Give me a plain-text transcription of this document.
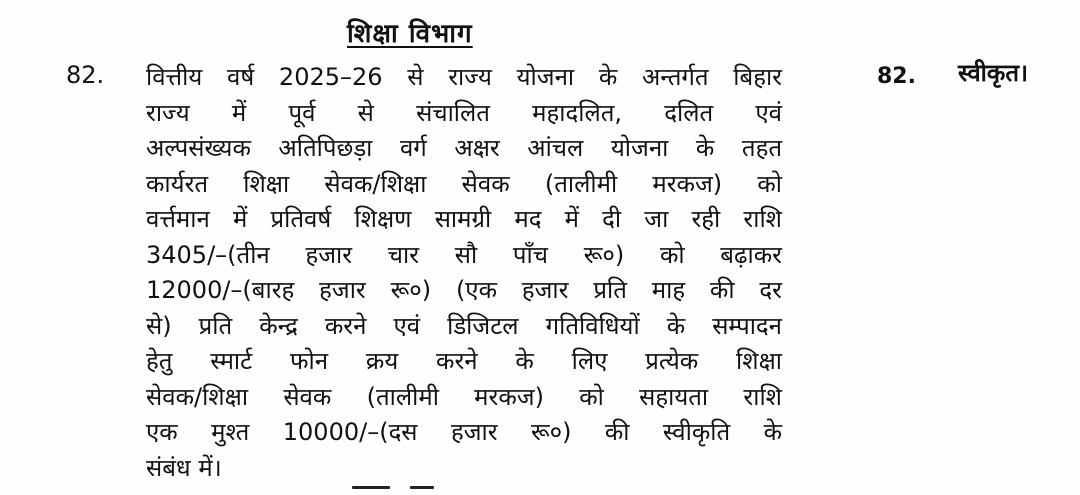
शिक्षा विभाग
82. वित्तीय वर्ष 2025–26 से राज्य योजना के अन्तर्गत बिहार
राज्य में पूर्व से संचालित महादलित, दलित एवं
अल्पसंख्यक अतिपिछड़ा वर्ग अक्षर आंचल योजना के तहत
कार्यरत शिक्षा सेवक/शिक्षा सेवक (तालीमी मरकज) को
वर्त्तमान में प्रतिवर्ष शिक्षण सामग्री मद में दी जा रही राशि
3405/–(तीन हजार चार सौ पाँच रू०) को बढ़ाकर
12000/–(बारह हजार रू०) (एक हजार प्रति माह की दर
से) प्रति केन्द्र करने एवं डिजिटल गतिविधियों के सम्पादन
हेतु स्मार्ट फोन क्रय करने के लिए प्रत्येक शिक्षा
सेवक/शिक्षा सेवक (तालीमी मरकज) को सहायता राशि
एक मुश्त 10000/–(दस हजार रू०) की स्वीकृति के
संबंध में।
82. स्वीकृत।
